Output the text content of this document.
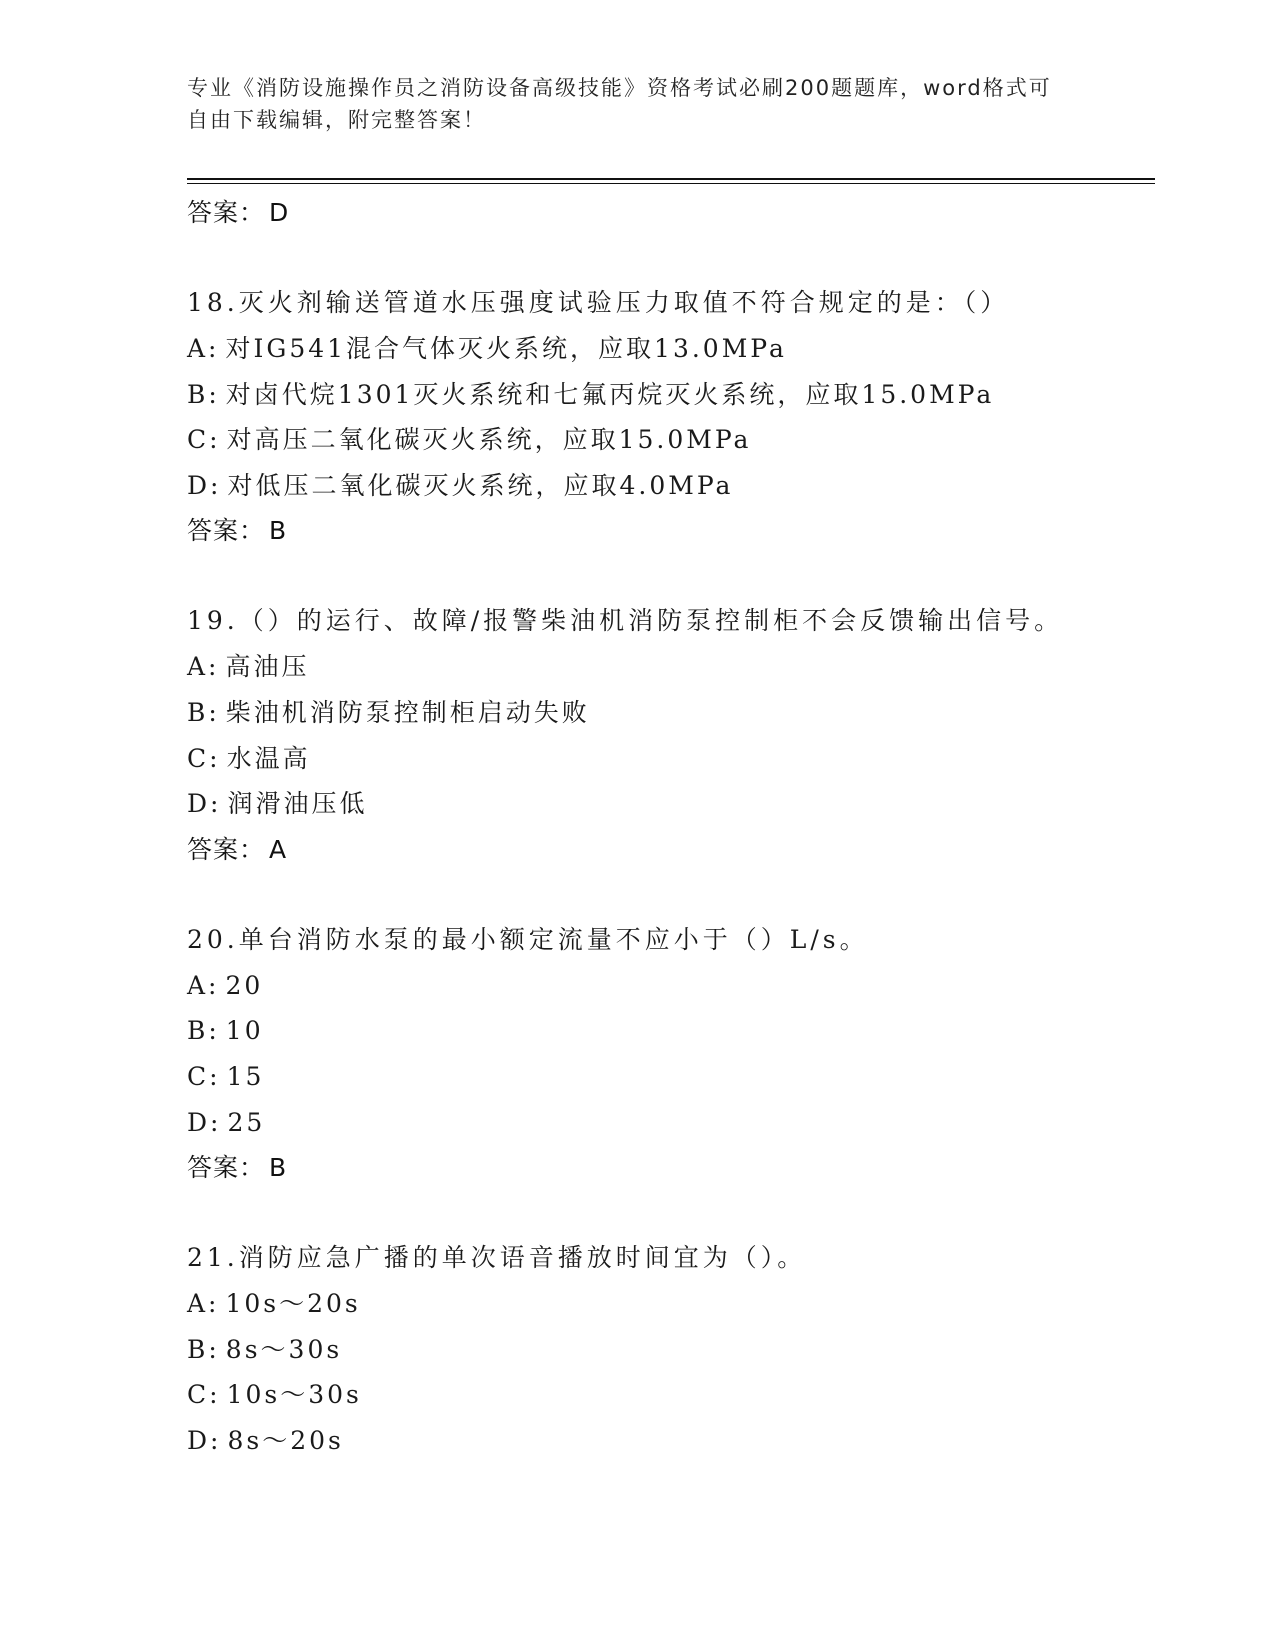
专业《消防设施操作员之消防设备高级技能》资格考试必刷200题题库，word格式可自由下载编辑，附完整答案！
答案： D
18.灭火剂输送管道水压强度试验压力取值不符合规定的是：（）
A: 对IG541混合气体灭火系统，应取13.0MPa
B: 对卤代烷1301灭火系统和七氟丙烷灭火系统，应取15.0MPa
C: 对高压二氧化碳灭火系统，应取15.0MPa
D: 对低压二氧化碳灭火系统，应取4.0MPa
答案： B
19.（）的运行、故障/报警柴油机消防泵控制柜不会反馈输出信号。
A: 高油压
B: 柴油机消防泵控制柜启动失败
C: 水温高
D: 润滑油压低
答案： A
20.单台消防水泵的最小额定流量不应小于（）L/s。
A: 20
B: 10
C: 15
D: 25
答案： B
21.消防应急广播的单次语音播放时间宜为（）。
A: 10s～20s
B: 8s～30s
C: 10s～30s
D: 8s～20s
